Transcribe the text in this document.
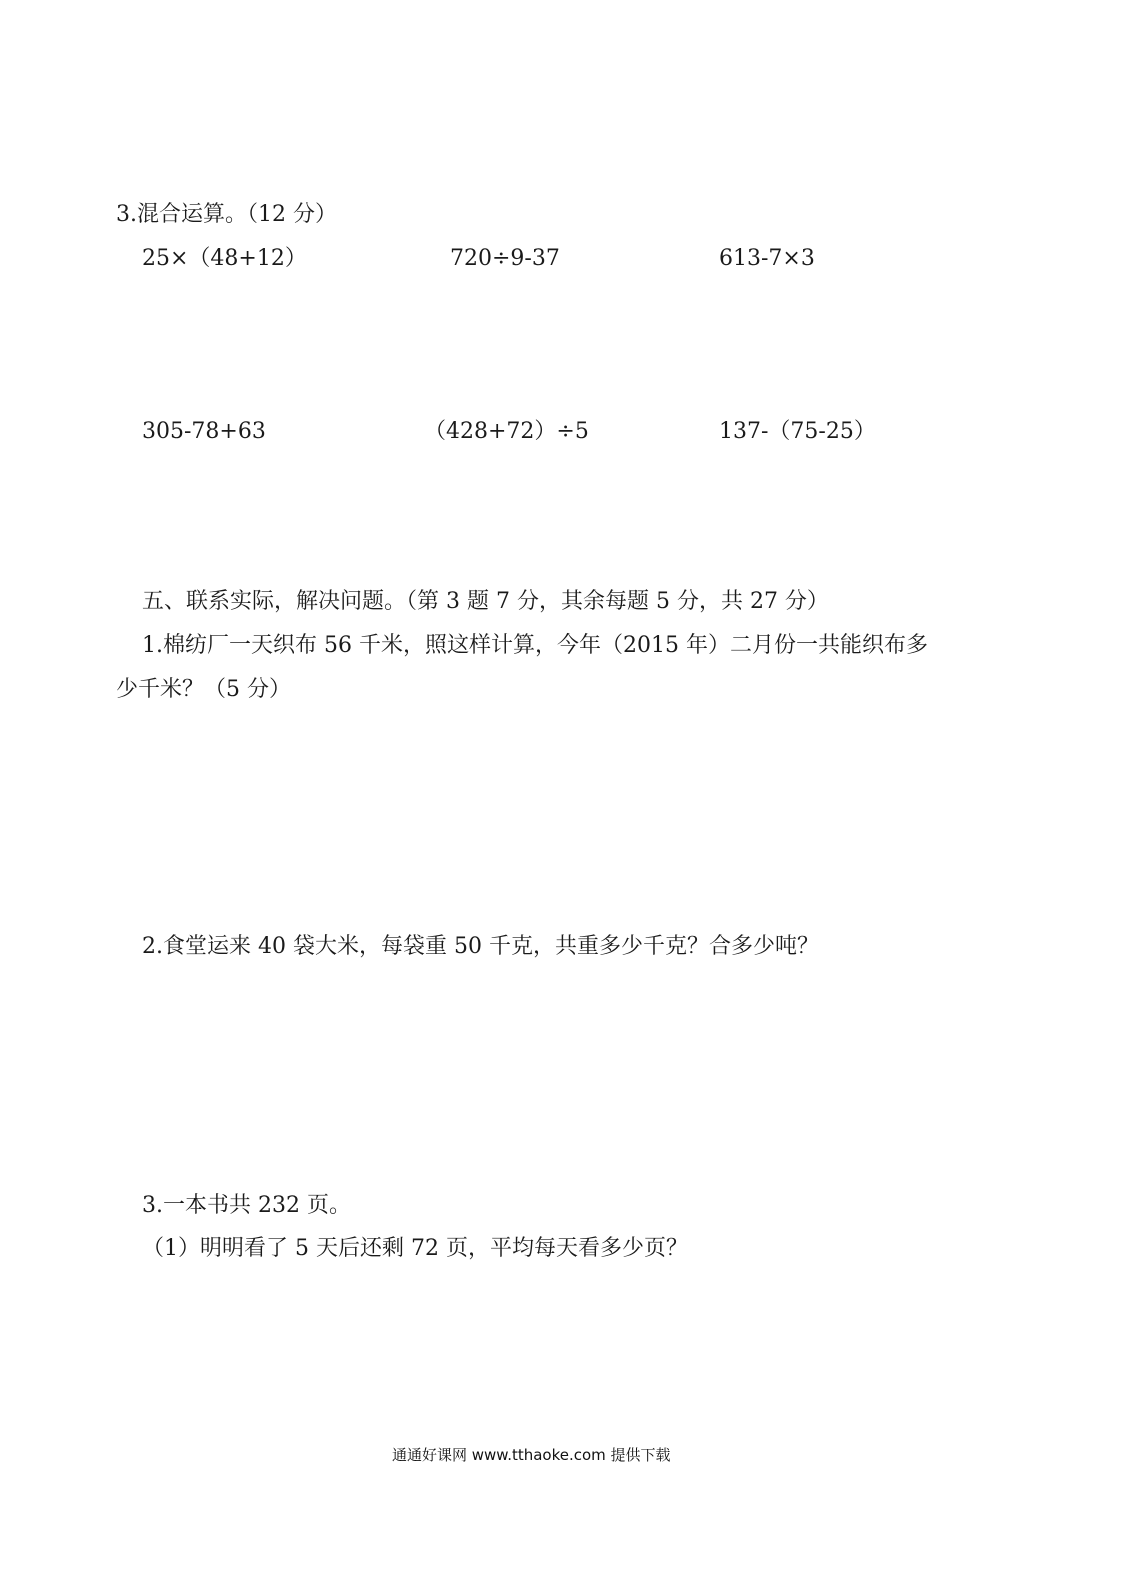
3.混合运算。（12 分）
25×（48+12）	720÷9-37	613-7×3
305-78+63	（428+72）÷5	137-（75-25）
五、联系实际，解决问题。（第 3 题 7 分，其余每题 5 分，共 27 分）
1.棉纺厂一天织布 56 千米，照这样计算，今年（2015 年）二月份一共能织布多
少千米？（5 分）
2.食堂运来 40 袋大米，每袋重 50 千克，共重多少千克？合多少吨？
3.一本书共 232 页。
（1）明明看了 5 天后还剩 72 页，平均每天看多少页？
通通好课网 www.tthaoke.com 提供下载
